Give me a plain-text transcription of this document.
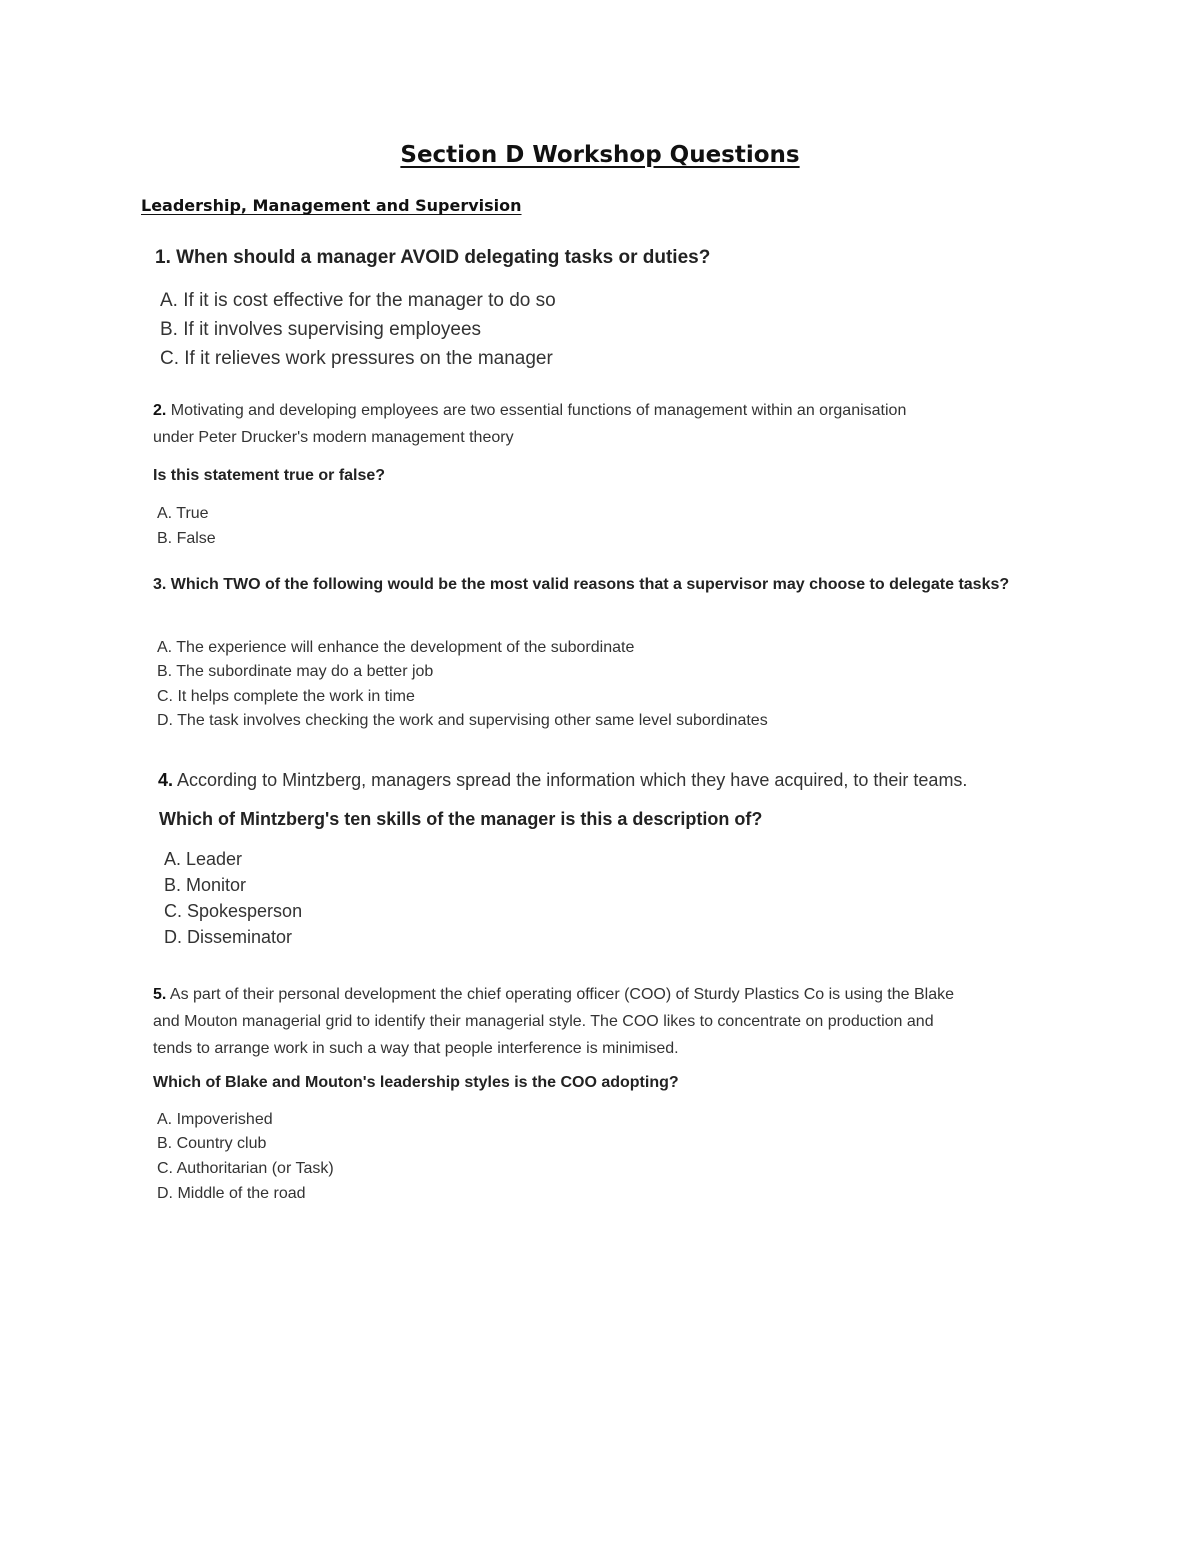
Section D Workshop Questions
Leadership, Management and Supervision

1. When should a manager AVOID delegating tasks or duties?

A. If it is cost effective for the manager to do so

B. If it involves supervising employees

C. If it relieves work pressures on the manager

2. Motivating and developing employees are two essential functions of management within an organisation
under Peter Drucker's modern management theory

Is this statement true or false?

A. True

B. False

3. Which TWO of the following would be the most valid reasons that a supervisor may choose to delegate tasks?

A. The experience will enhance the development of the subordinate

B. The subordinate may do a better job

C. It helps complete the work in time

D. The task involves checking the work and supervising other same level subordinates

4. According to Mintzberg, managers spread the information which they have acquired, to their teams.

Which of Mintzberg's ten skills of the manager is this a description of?

A. Leader

B. Monitor

C. Spokesperson

D. Disseminator

5. As part of their personal development the chief operating officer (COO) of Sturdy Plastics Co is using the Blake
and Mouton managerial grid to identify their managerial style. The COO likes to concentrate on production and
tends to arrange work in such a way that people interference is minimised.

Which of Blake and Mouton's leadership styles is the COO adopting?

A. Impoverished

B. Country club

C. Authoritarian (or Task)

D. Middle of the road
